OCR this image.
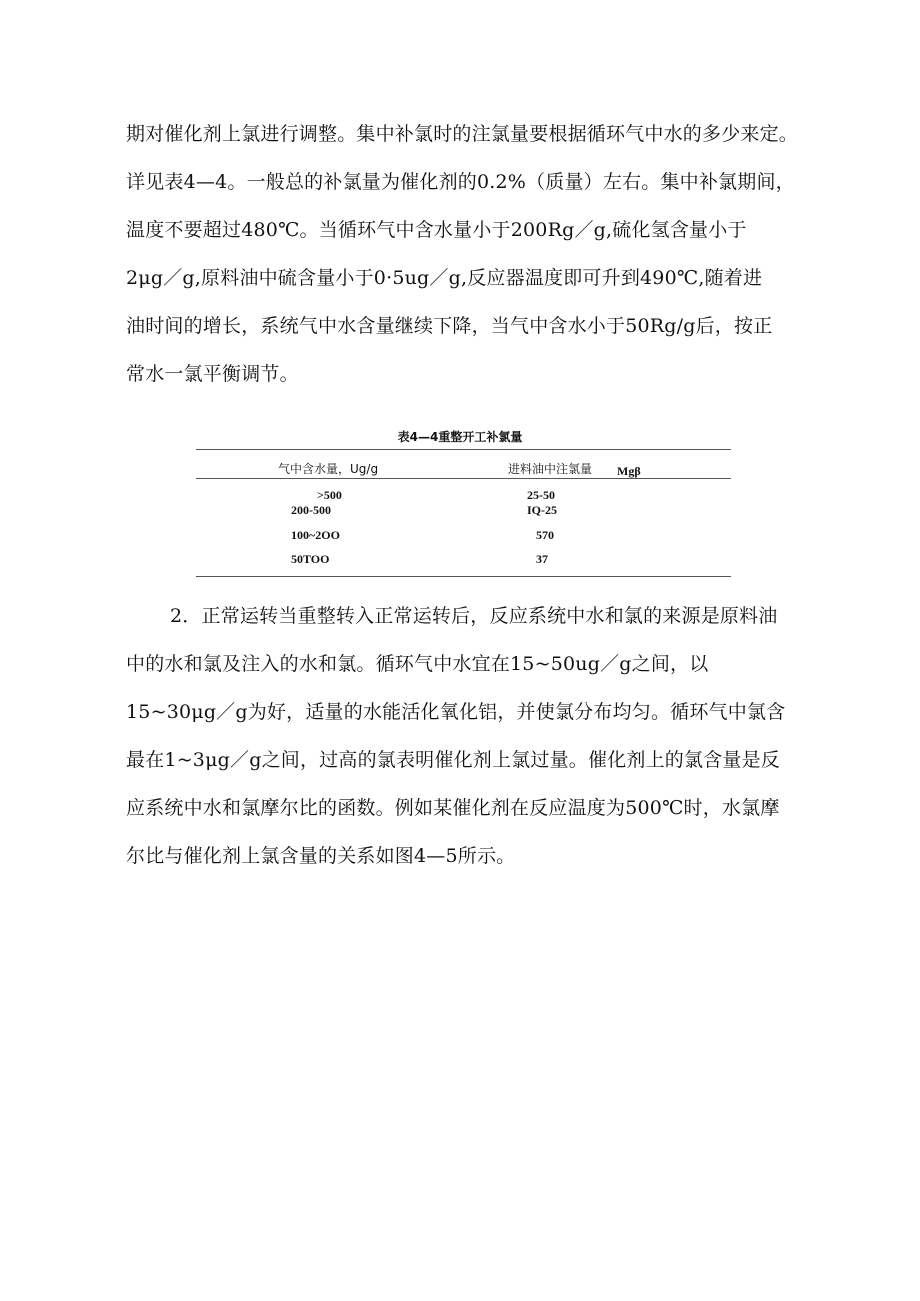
期对催化剂上氯进行调整。集中补氯时的注氯量要根据循环气中水的多少来定。
详见表4—4。一般总的补氯量为催化剂的0.2%（质量）左右。集中补氯期间，
温度不要超过480℃。当循环气中含水量小于200Rg／g,硫化氢含量小于
2μg／g,原料油中硫含量小于0·5ug／g,反应器温度即可升到490℃,随着进
油时间的增长，系统气中水含量继续下降，当气中含水小于50Rg/g后，按正
常水一氯平衡调节。
表4—4重整开工补氯量
气中含水量，Ug/g	进料油中注氯量 Mgβ
>500	25-50
200-500	IQ-25
100~2OO	570
50TOO	37
2．正常运转当重整转入正常运转后，反应系统中水和氯的来源是原料油
中的水和氯及注入的水和氯。循环气中水宜在15~50ug／g之间，以
15~30μg／g为好，适量的水能活化氧化铝，并使氯分布均匀。循环气中氯含
最在1~3μg／g之间，过高的氯表明催化剂上氯过量。催化剂上的氯含量是反
应系统中水和氯摩尔比的函数。例如某催化剂在反应温度为500℃时，水氯摩
尔比与催化剂上氯含量的关系如图4—5所示。
